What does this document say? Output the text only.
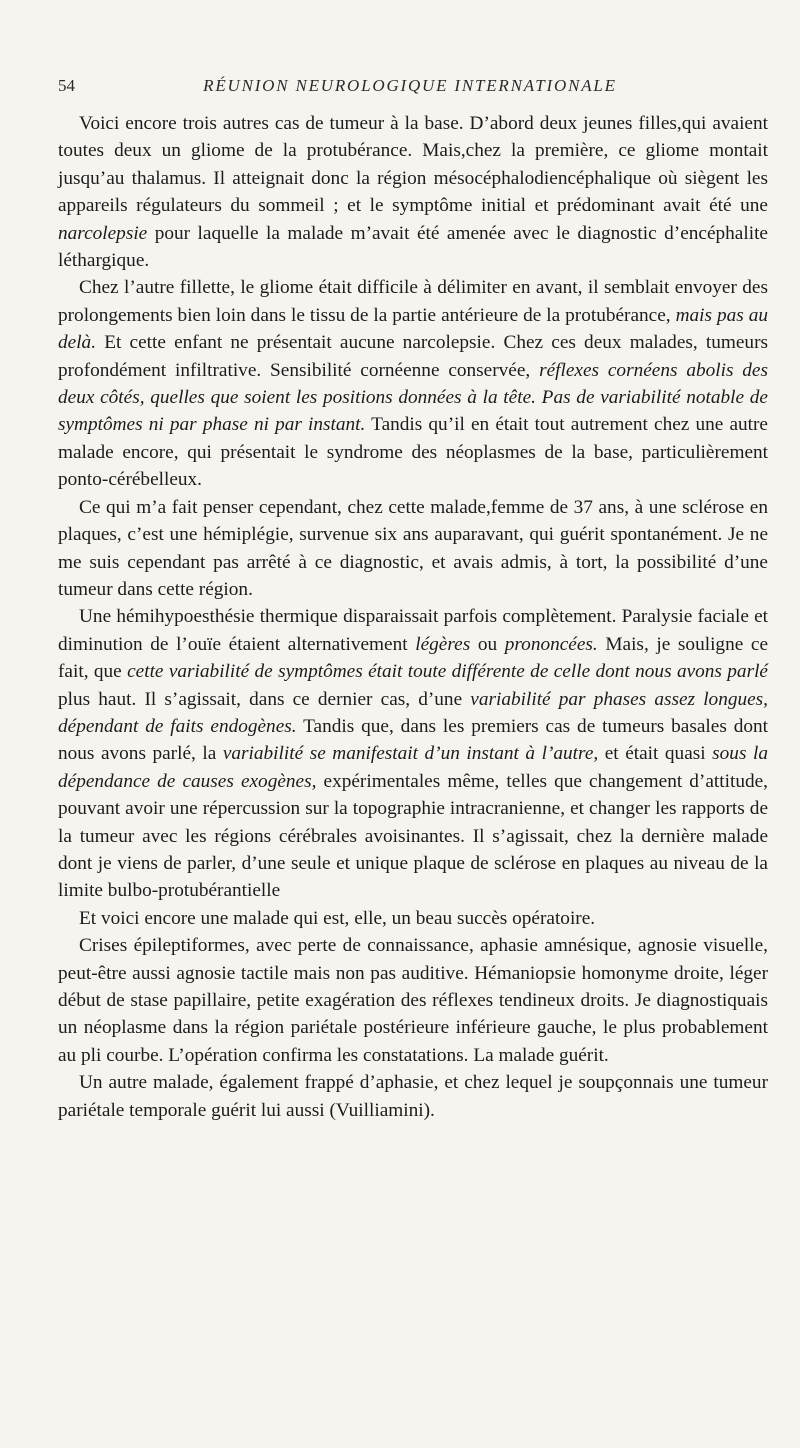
54	RÉUNION NEUROLOGIQUE INTERNATIONALE

Voici encore trois autres cas de tumeur à la base. D’abord deux jeunes filles,qui avaient toutes deux un gliome de la protubérance. Mais,chez la première, ce gliome montait jusqu’au thalamus. Il atteignait donc la région mésocéphalodiencéphalique où siègent les appareils régulateurs du sommeil ; et le symptôme initial et prédominant avait été une narcolepsie pour laquelle la malade m’avait été amenée avec le diagnostic d’encéphalite léthargique.

Chez l’autre fillette, le gliome était difficile à délimiter en avant, il semblait envoyer des prolongements bien loin dans le tissu de la partie antérieure de la protubérance, mais pas au delà. Et cette enfant ne présentait aucune narcolepsie. Chez ces deux malades, tumeurs profondément infiltrative. Sensibilité cornéenne conservée, réflexes cornéens abolis des deux côtés, quelles que soient les positions données à la tête. Pas de variabilité notable de symptômes ni par phase ni par instant. Tandis qu’il en était tout autrement chez une autre malade encore, qui présentait le syndrome des néoplasmes de la base, particulièrement ponto-cérébelleux.

Ce qui m’a fait penser cependant, chez cette malade,femme de 37 ans, à une sclérose en plaques, c’est une hémiplégie, survenue six ans auparavant, qui guérit spontanément. Je ne me suis cependant pas arrêté à ce diagnostic, et avais admis, à tort, la possibilité d’une tumeur dans cette région.

Une hémihypoesthésie thermique disparaissait parfois complètement. Paralysie faciale et diminution de l’ouïe étaient alternativement légères ou prononcées. Mais, je souligne ce fait, que cette variabilité de symptômes était toute différente de celle dont nous avons parlé plus haut. Il s’agissait, dans ce dernier cas, d’une variabilité par phases assez longues, dépendant de faits endogènes. Tandis que, dans les premiers cas de tumeurs basales dont nous avons parlé, la variabilité se manifestait d’un instant à l’autre, et était quasi sous la dépendance de causes exogènes, expérimentales même, telles que changement d’attitude, pouvant avoir une répercussion sur la topographie intracranienne, et changer les rapports de la tumeur avec les régions cérébrales avoisinantes. Il s’agissait, chez la dernière malade dont je viens de parler, d’une seule et unique plaque de sclérose en plaques au niveau de la limite bulbo-protubérantielle

Et voici encore une malade qui est, elle, un beau succès opératoire.

Crises épileptiformes, avec perte de connaissance, aphasie amnésique, agnosie visuelle, peut-être aussi agnosie tactile mais non pas auditive. Hémaniopsie homonyme droite, léger début de stase papillaire, petite exagération des réflexes tendineux droits. Je diagnostiquais un néoplasme dans la région pariétale postérieure inférieure gauche, le plus probablement au pli courbe. L’opération confirma les constatations. La malade guérit.

Un autre malade, également frappé d’aphasie, et chez lequel je soupçonnais une tumeur pariétale temporale guérit lui aussi (Vuilliamini).
